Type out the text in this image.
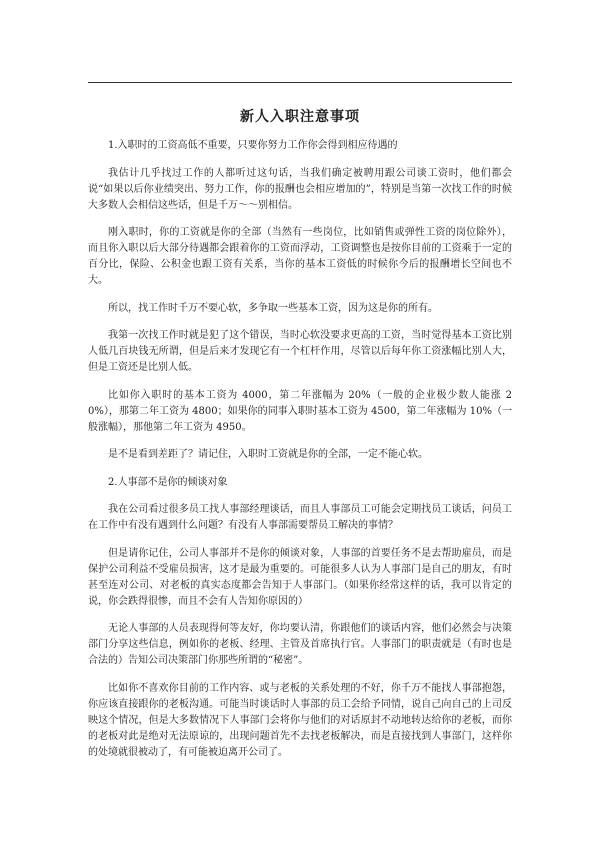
新人入职注意事项

1.入职时的工资高低不重要，只要你努力工作你会得到相应待遇的

我估计几乎找过工作的人都听过这句话，当我们确定被聘用跟公司谈工资时，他们都会说“如果以后你业绩突出、努力工作，你的报酬也会相应增加的”，特别是当第一次找工作的时候大多数人会相信这些话，但是千万～～别相信。

刚入职时，你的工资就是你的全部（当然有一些岗位，比如销售或弹性工资的岗位除外），而且你入职以后大部分待遇都会跟着你的工资而浮动，工资调整也是按你目前的工资乘于一定的百分比，保险、公积金也跟工资有关系，当你的基本工资低的时候你今后的报酬增长空间也不大。

所以，找工作时千万不要心软，多争取一些基本工资，因为这是你的所有。

我第一次找工作时就是犯了这个错误，当时心软没要求更高的工资，当时觉得基本工资比别人低几百块钱无所谓，但是后来才发现它有一个杠杆作用，尽管以后每年你工资涨幅比别人大，但是工资还是比别人低。

比如你入职时的基本工资为 4000，第二年涨幅为 20%（一般的企业极少数人能涨 20%），那第二年工资为 4800；如果你的同事入职时基本工资为 4500，第二年涨幅为 10%（一般涨幅），那他第二年工资为 4950。

是不是看到差距了？请记住，入职时工资就是你的全部，一定不能心软。

2.人事部不是你的倾谈对象

我在公司看过很多员工找人事部经理谈话，而且人事部员工可能会定期找员工谈话，问员工在工作中有没有遇到什么问题？有没有人事部需要帮员工解决的事情？

但是请你记住，公司人事部并不是你的倾谈对象，人事部的首要任务不是去帮助雇员，而是保护公司利益不受雇员损害，这才是最为重要的。可能很多人认为人事部门是自己的朋友，有时甚至连对公司、对老板的真实态度都会告知于人事部门。（如果你经常这样的话，我可以肯定的说，你会跌得很惨，而且不会有人告知你原因的）

无论人事部的人员表现得何等友好，你均要认清，你跟他们的谈话内容，他们必然会与决策部门分享这些信息，例如你的老板、经理、主管及首席执行官。人事部门的职责就是（有时也是合法的）告知公司决策部门你那些所谓的“秘密”。

比如你不喜欢你目前的工作内容、或与老板的关系处理的不好，你千万不能找人事部抱怨，你应该直接跟你的老板沟通。可能当时谈话时人事部的员工会给予同情，说自己向自己的上司反映这个情况，但是大多数情况下人事部门会将你与他们的对话原封不动地转达给你的老板，而你的老板对此是绝对无法原谅的，出现问题首先不去找老板解决，而是直接找到人事部门，这样你的处境就很被动了，有可能被迫离开公司了。
